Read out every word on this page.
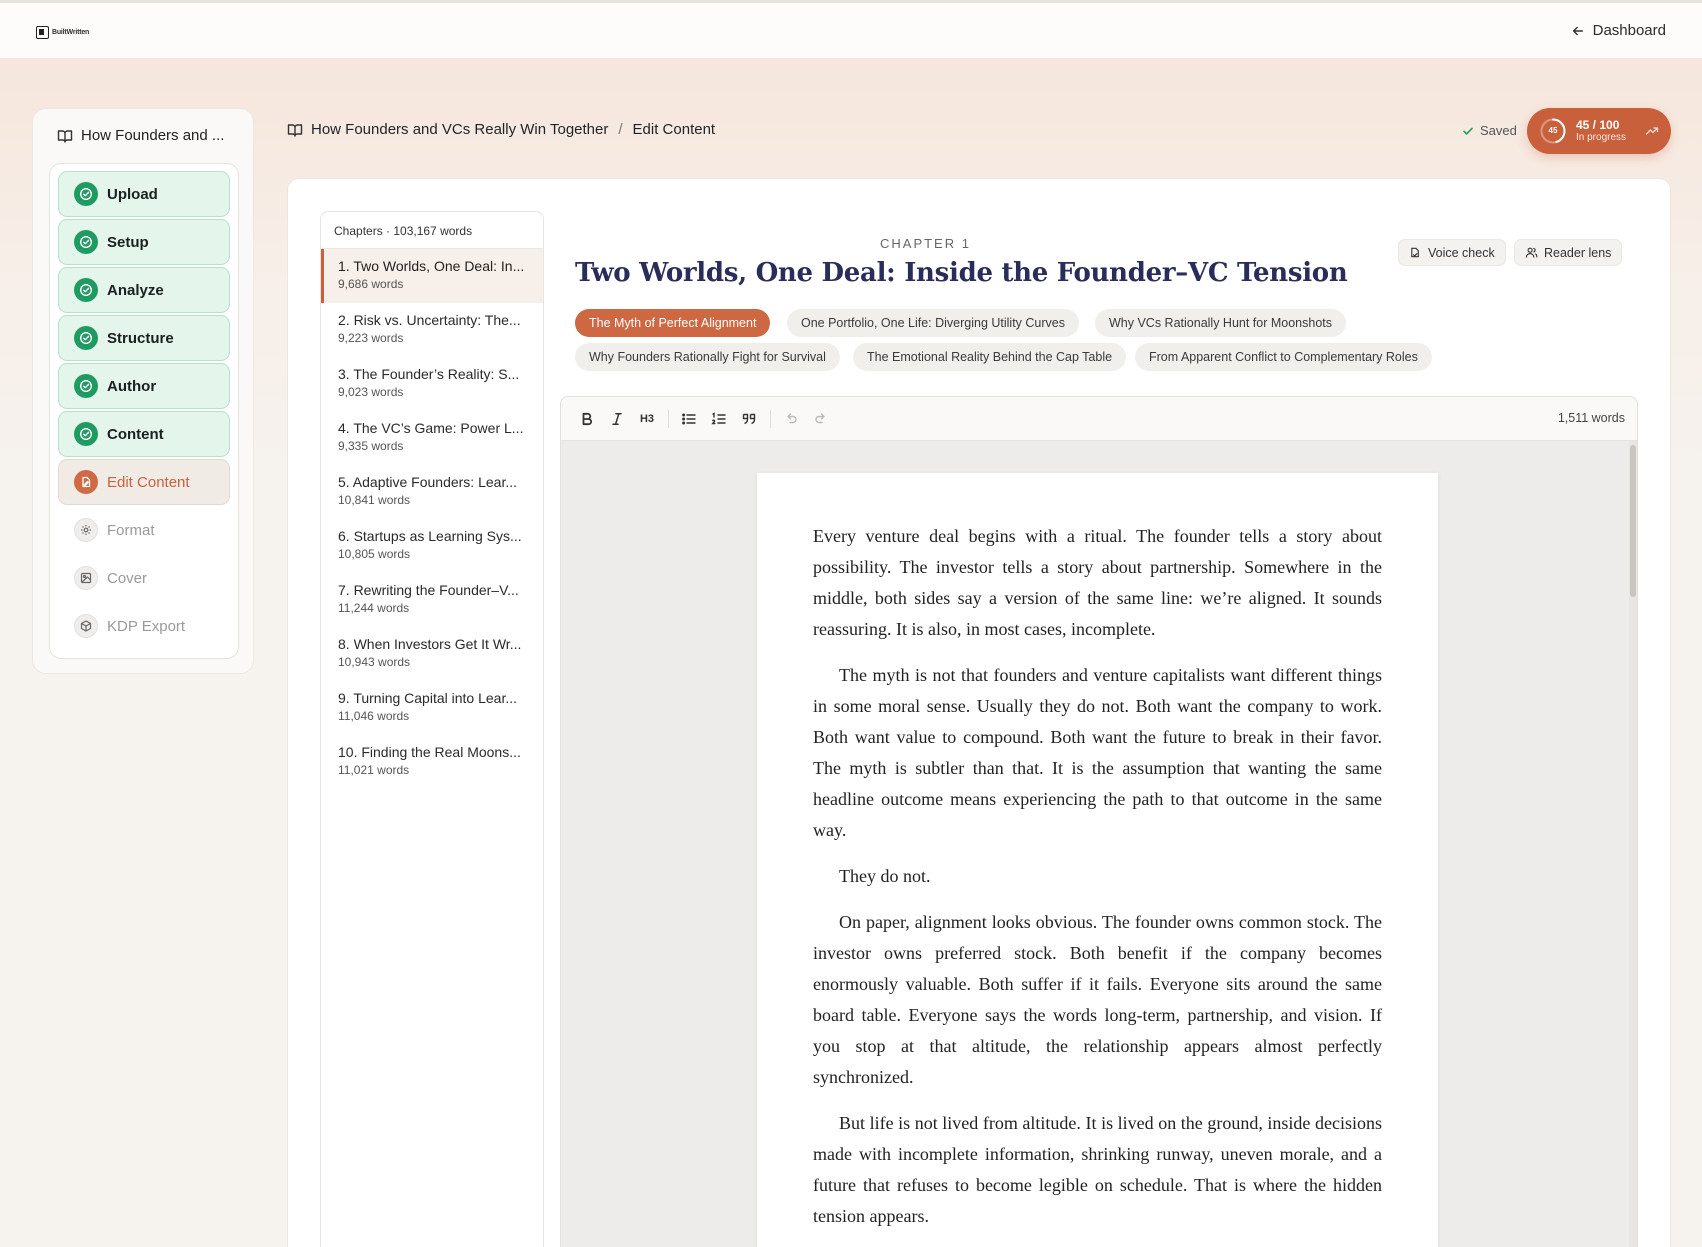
BuiltWritten	Dashboard
How Founders and ...
Upload
Setup
Analyze
Structure
Author
Content
Edit Content
Format
Cover
KDP Export
How Founders and VCs Really Win Together / Edit Content	Saved	45	45 / 100
In progress
Chapters · 103,167 words
1. Two Worlds, One Deal: In...
9,686 words
2. Risk vs. Uncertainty: The...
9,223 words
3. The Founder’s Reality: S...
9,023 words
4. The VC’s Game: Power L...
9,335 words
5. Adaptive Founders: Lear...
10,841 words
6. Startups as Learning Sys...
10,805 words
7. Rewriting the Founder–V...
11,244 words
8. When Investors Get It Wr...
10,943 words
9. Turning Capital into Lear...
11,046 words
10. Finding the Real Moons...
11,021 words
CHAPTER 1
Two Worlds, One Deal: Inside the Founder–VC Tension
Voice check	Reader lens
The Myth of Perfect Alignment	One Portfolio, One Life: Diverging Utility Curves	Why VCs Rationally Hunt for Moonshots
Why Founders Rationally Fight for Survival	The Emotional Reality Behind the Cap Table	From Apparent Conflict to Complementary Roles
H3	1,511 words

Every venture deal begins with a ritual. The founder tells a story about possibility. The investor tells a story about partnership. Somewhere in the middle, both sides say a version of the same line: we’re aligned. It sounds reassuring. It is also, in most cases, incomplete.

The myth is not that founders and venture capitalists want different things in some moral sense. Usually they do not. Both want the company to work. Both want value to compound. Both want the future to break in their favor. The myth is subtler than that. It is the assumption that wanting the same headline outcome means experiencing the path to that outcome in the same way.

They do not.

On paper, alignment looks obvious. The founder owns common stock. The investor owns preferred stock. Both benefit if the company becomes enormously valuable. Both suffer if it fails. Everyone sits around the same board table. Everyone says the words long-term, partnership, and vision. If you stop at that altitude, the relationship appears almost perfectly synchronized.

But life is not lived from altitude. It is lived on the ground, inside decisions made with incomplete information, shrinking runway, uneven morale, and a future that refuses to become legible on schedule. That is where the hidden tension appears.
